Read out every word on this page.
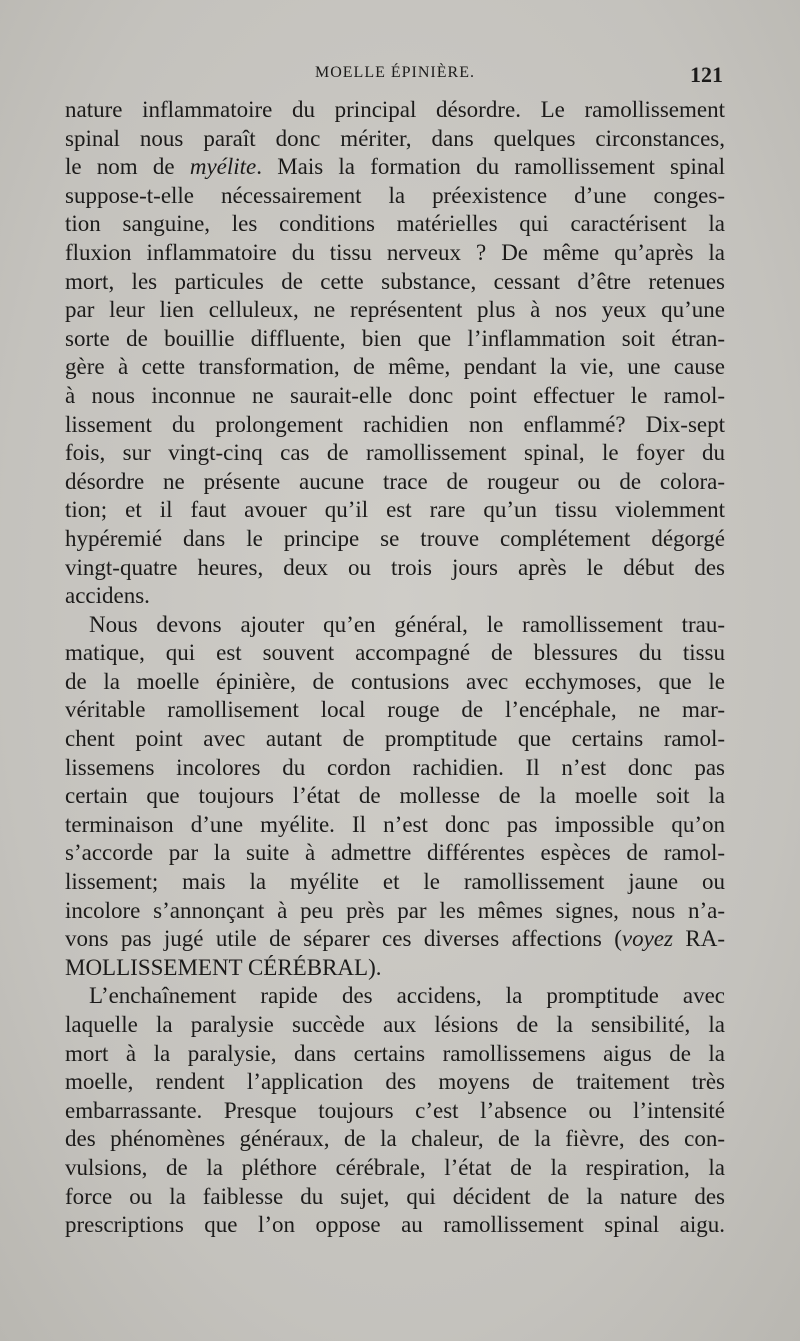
MOELLE ÉPINIÈRE.	121
nature inflammatoire du principal désordre. Le ramollissement
spinal nous paraît donc mériter, dans quelques circonstances,
le nom de myélite. Mais la formation du ramollissement spinal
suppose-t-elle nécessairement la préexistence d’une conges-
tion sanguine, les conditions matérielles qui caractérisent la
fluxion inflammatoire du tissu nerveux ? De même qu’après la
mort, les particules de cette substance, cessant d’être retenues
par leur lien celluleux, ne représentent plus à nos yeux qu’une
sorte de bouillie diffluente, bien que l’inflammation soit étran-
gère à cette transformation, de même, pendant la vie, une cause
à nous inconnue ne saurait-elle donc point effectuer le ramol-
lissement du prolongement rachidien non enflammé? Dix-sept
fois, sur vingt-cinq cas de ramollissement spinal, le foyer du
désordre ne présente aucune trace de rougeur ou de colora-
tion; et il faut avouer qu’il est rare qu’un tissu violemment
hypéremié dans le principe se trouve complétement dégorgé
vingt-quatre heures, deux ou trois jours après le début des
accidens.
Nous devons ajouter qu’en général, le ramollissement trau-
matique, qui est souvent accompagné de blessures du tissu
de la moelle épinière, de contusions avec ecchymoses, que le
véritable ramollisement local rouge de l’encéphale, ne mar-
chent point avec autant de promptitude que certains ramol-
lissemens incolores du cordon rachidien. Il n’est donc pas
certain que toujours l’état de mollesse de la moelle soit la
terminaison d’une myélite. Il n’est donc pas impossible qu’on
s’accorde par la suite à admettre différentes espèces de ramol-
lissement; mais la myélite et le ramollissement jaune ou
incolore s’annonçant à peu près par les mêmes signes, nous n’a-
vons pas jugé utile de séparer ces diverses affections (voyez RA-
MOLLISSEMENT CÉRÉBRAL).
L’enchaînement rapide des accidens, la promptitude avec
laquelle la paralysie succède aux lésions de la sensibilité, la
mort à la paralysie, dans certains ramollissemens aigus de la
moelle, rendent l’application des moyens de traitement très
embarrassante. Presque toujours c’est l’absence ou l’intensité
des phénomènes généraux, de la chaleur, de la fièvre, des con-
vulsions, de la pléthore cérébrale, l’état de la respiration, la
force ou la faiblesse du sujet, qui décident de la nature des
prescriptions que l’on oppose au ramollissement spinal aigu.
